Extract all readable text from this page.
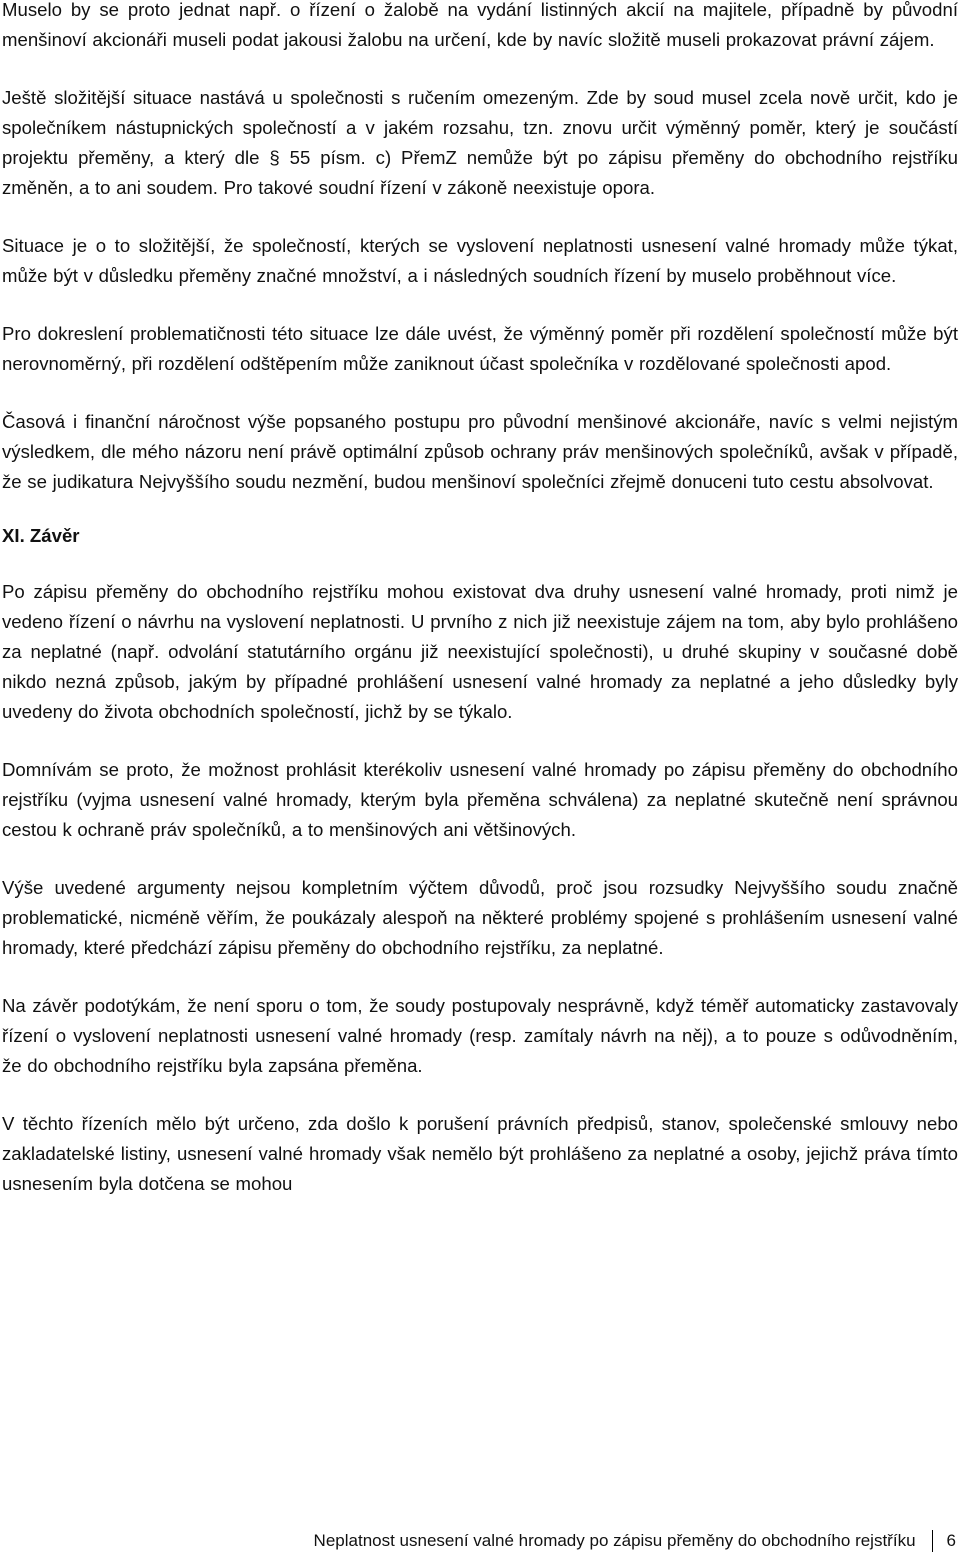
Muselo by se proto jednat např. o řízení o žalobě na vydání listinných akcií na majitele, případně by původní menšinoví akcionáři museli podat jakousi žalobu na určení, kde by navíc složitě museli prokazovat právní zájem.

Ještě složitější situace nastává u společnosti s ručením omezeným. Zde by soud musel zcela nově určit, kdo je společníkem nástupnických společností a v jakém rozsahu, tzn. znovu určit výměnný poměr, který je součástí projektu přeměny, a který dle § 55 písm. c) PřemZ nemůže být po zápisu přeměny do obchodního rejstříku změněn, a to ani soudem. Pro takové soudní řízení v zákoně neexistuje opora.

Situace je o to složitější, že společností, kterých se vyslovení neplatnosti usnesení valné hromady může týkat, může být v důsledku přeměny značné množství, a i následných soudních řízení by muselo proběhnout více.

Pro dokreslení problematičnosti této situace lze dále uvést, že výměnný poměr při rozdělení společností může být nerovnoměrný, při rozdělení odštěpením může zaniknout účast společníka v rozdělované společnosti apod.

Časová i finanční náročnost výše popsaného postupu pro původní menšinové akcionáře, navíc s velmi nejistým výsledkem, dle mého názoru není právě optimální způsob ochrany práv menšinových společníků, avšak v případě, že se judikatura Nejvyššího soudu nezmění, budou menšinoví společníci zřejmě donuceni tuto cestu absolvovat.

XI. Závěr

Po zápisu přeměny do obchodního rejstříku mohou existovat dva druhy usnesení valné hromady, proti nimž je vedeno řízení o návrhu na vyslovení neplatnosti. U prvního z nich již neexistuje zájem na tom, aby bylo prohlášeno za neplatné (např. odvolání statutárního orgánu již neexistující společnosti), u druhé skupiny v současné době nikdo nezná způsob, jakým by případné prohlášení usnesení valné hromady za neplatné a jeho důsledky byly uvedeny do života obchodních společností, jichž by se týkalo.

Domnívám se proto, že možnost prohlásit kterékoliv usnesení valné hromady po zápisu přeměny do obchodního rejstříku (vyjma usnesení valné hromady, kterým byla přeměna schválena) za neplatné skutečně není správnou cestou k ochraně práv společníků, a to menšinových ani většinových.

Výše uvedené argumenty nejsou kompletním výčtem důvodů, proč jsou rozsudky Nejvyššího soudu značně problematické, nicméně věřím, že poukázaly alespoň na některé problémy spojené s prohlášením usnesení valné hromady, které předchází zápisu přeměny do obchodního rejstříku, za neplatné.

Na závěr podotýkám, že není sporu o tom, že soudy postupovaly nesprávně, když téměř automaticky zastavovaly řízení o vyslovení neplatnosti usnesení valné hromady (resp. zamítaly návrh na něj), a to pouze s odůvodněním, že do obchodního rejstříku byla zapsána přeměna.

V těchto řízeních mělo být určeno, zda došlo k porušení právních předpisů, stanov, společenské smlouvy nebo zakladatelské listiny, usnesení valné hromady však nemělo být prohlášeno za neplatné a osoby, jejichž práva tímto usnesením byla dotčena se mohou

Neplatnost usnesení valné hromady po zápisu přeměny do obchodního rejstříku 6
